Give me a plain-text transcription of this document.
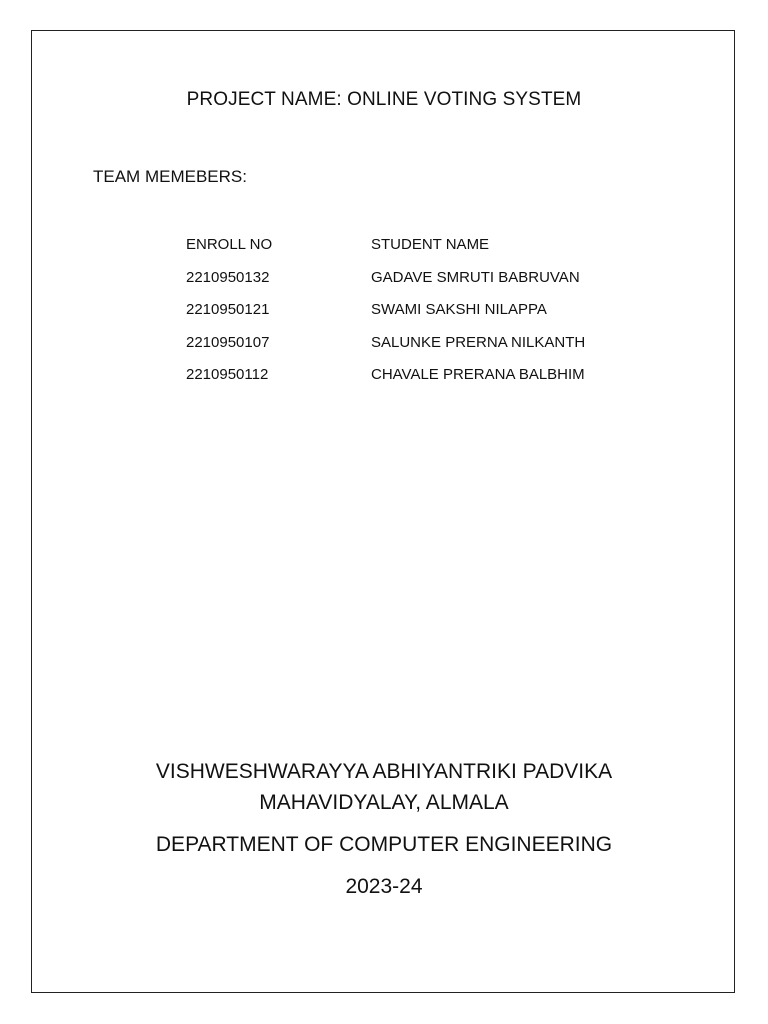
PROJECT NAME: ONLINE VOTING SYSTEM
TEAM MEMEBERS:
ENROLL NO	STUDENT NAME
2210950132	GADAVE SMRUTI BABRUVAN
2210950121	SWAMI SAKSHI NILAPPA
2210950107	SALUNKE PRERNA NILKANTH
2210950112	CHAVALE PRERANA BALBHIM
VISHWESHWARAYYA ABHIYANTRIKI PADVIKA MAHAVIDYALAY, ALMALA
DEPARTMENT OF COMPUTER ENGINEERING
2023-24
